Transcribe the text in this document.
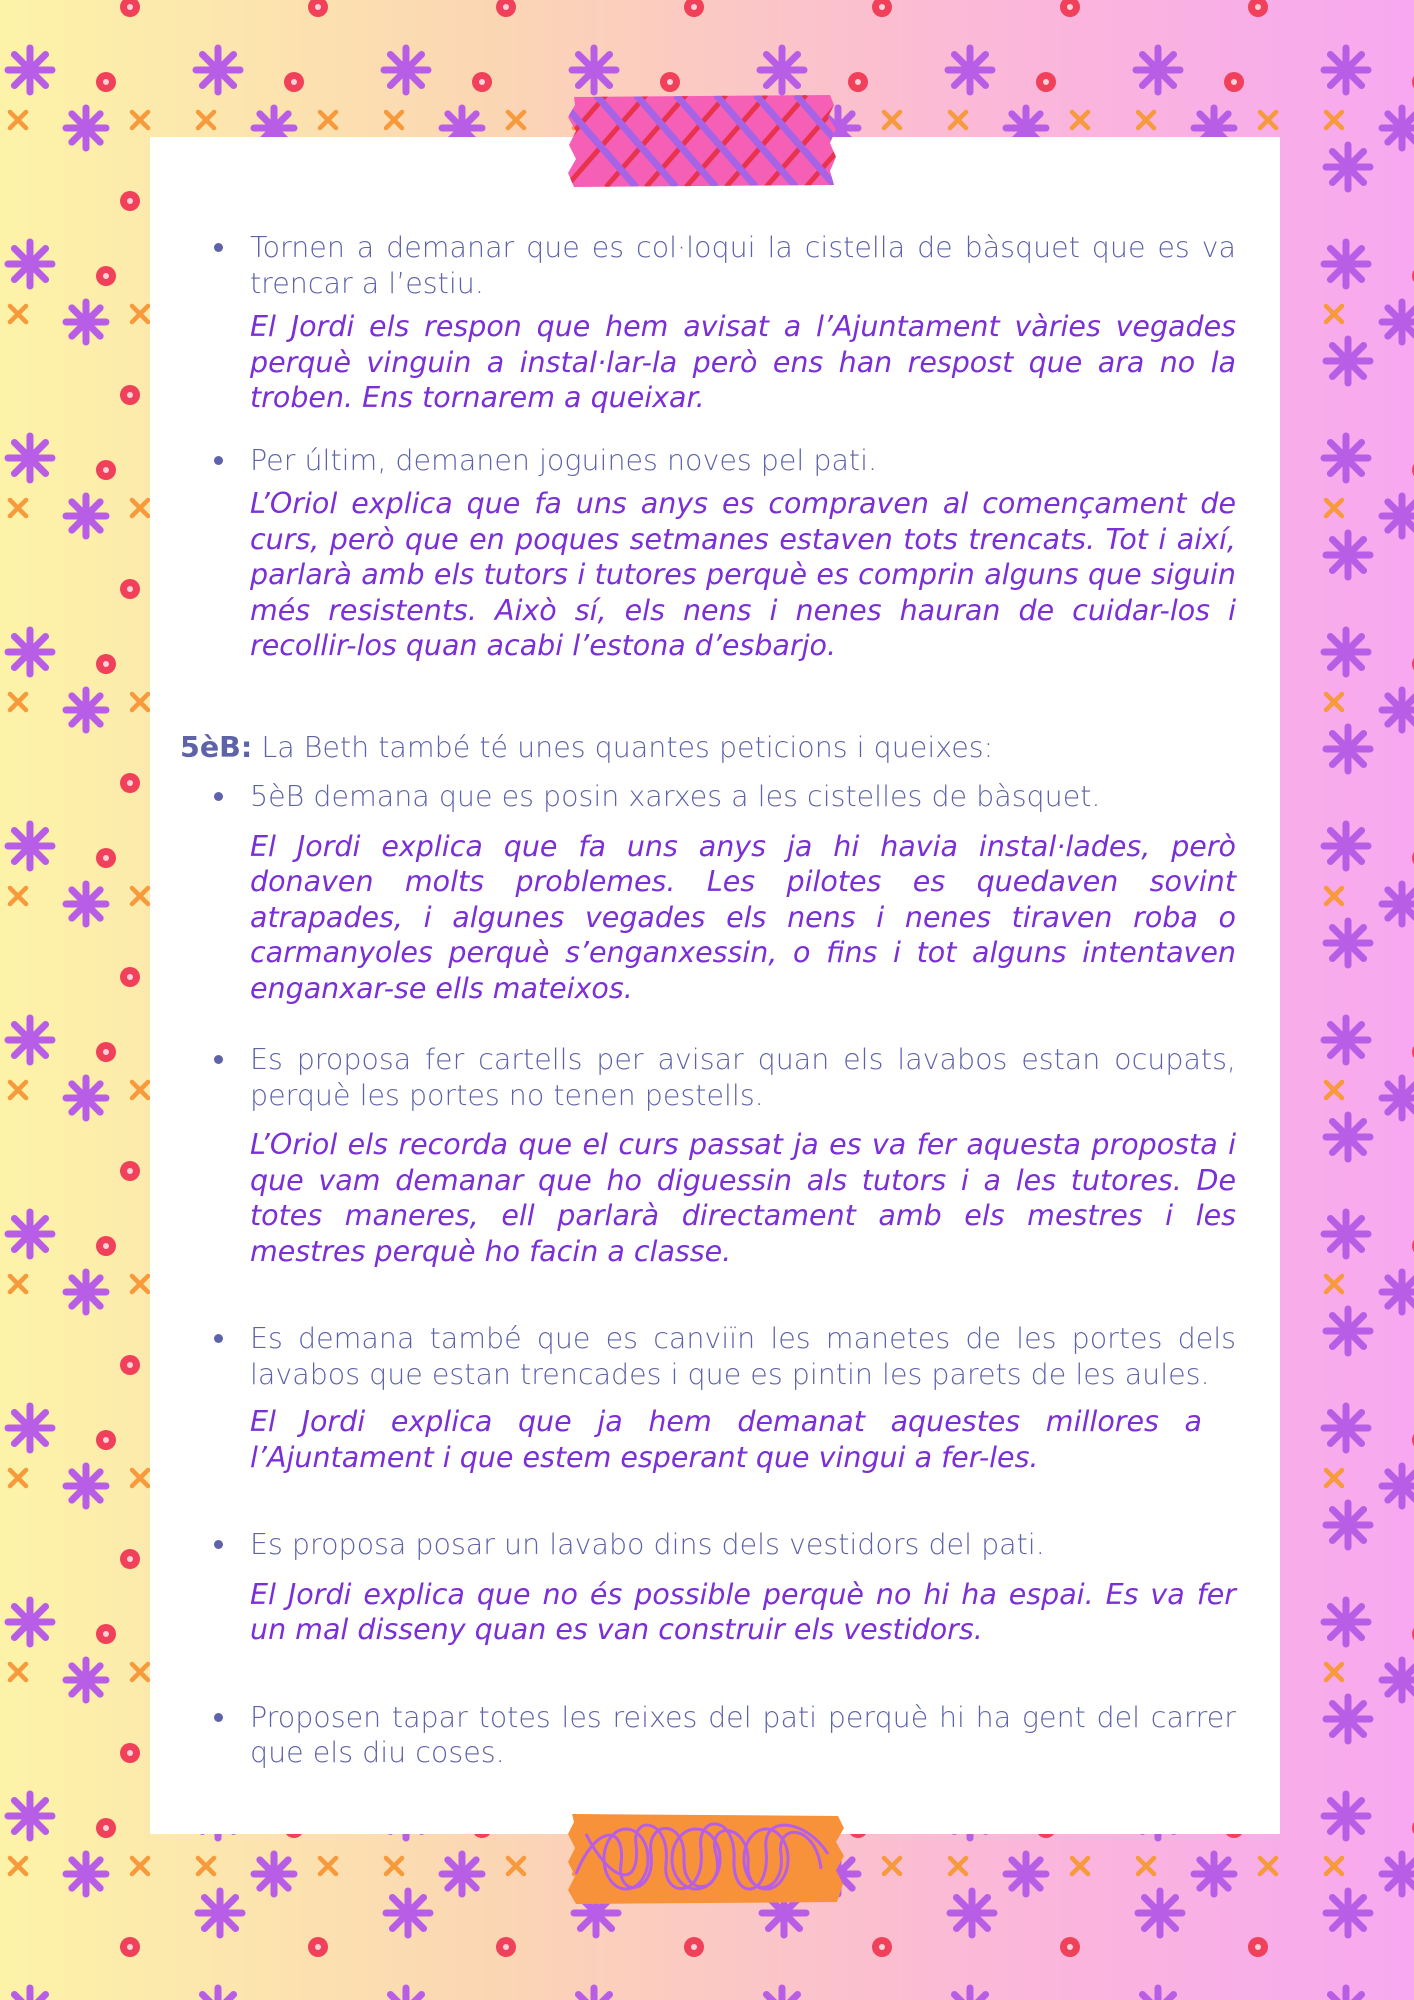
Tornen a demanar que es col·loqui la cistella de bàsquet que es va trencar a l’estiu.
El Jordi els respon que hem avisat a l’Ajuntament vàries vegades perquè vinguin a instal·lar-la però ens han respost que ara no la troben. Ens tornarem a queixar.
Per últim, demanen joguines noves pel pati.
L’Oriol explica que fa uns anys es compraven al començament de curs, però que en poques setmanes estaven tots trencats. Tot i així, parlarà amb els tutors i tutores perquè es comprin alguns que siguin més resistents. Això sí, els nens i nenes hauran de cuidar-los i recollir-los quan acabi l’estona d’esbarjo.
5èB: La Beth també té unes quantes peticions i queixes:
5èB demana que es posin xarxes a les cistelles de bàsquet.
El Jordi explica que fa uns anys ja hi havia instal·lades, però donaven molts problemes. Les pilotes es quedaven sovint atrapades, i algunes vegades els nens i nenes tiraven roba o carmanyoles perquè s’enganxessin, o fins i tot alguns intentaven enganxar-se ells mateixos.
Es proposa fer cartells per avisar quan els lavabos estan ocupats, perquè les portes no tenen pestells.
L’Oriol els recorda que el curs passat ja es va fer aquesta proposta i que vam demanar que ho diguessin als tutors i a les tutores. De totes maneres, ell parlarà directament amb els mestres i les mestres perquè ho facin a classe.
Es demana també que es canviïn les manetes de les portes dels lavabos que estan trencades i que es pintin les parets de les aules.
El Jordi explica que ja hem demanat aquestes millores a l’Ajuntament i que estem esperant que vingui a fer-les.
Es proposa posar un lavabo dins dels vestidors del pati.
El Jordi explica que no és possible perquè no hi ha espai. Es va fer un mal disseny quan es van construir els vestidors.
Proposen tapar totes les reixes del pati perquè hi ha gent del carrer que els diu coses.
